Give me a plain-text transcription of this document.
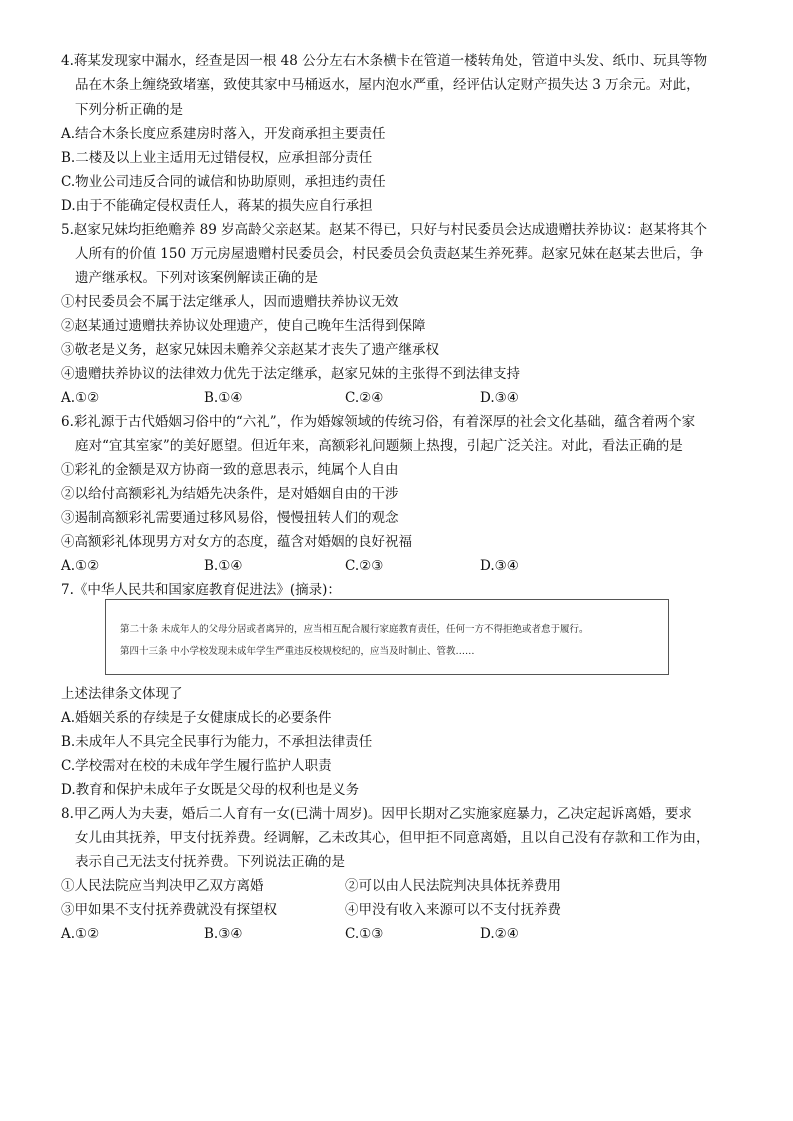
4.蒋某发现家中漏水，经查是因一根 48 公分左右木条横卡在管道一楼转角处，管道中头发、纸巾、玩具等物
品在木条上缠绕致堵塞，致使其家中马桶返水，屋内泡水严重，经评估认定财产损失达 3 万余元。对此，
下列分析正确的是
A.结合木条长度应系建房时落入，开发商承担主要责任
B.二楼及以上业主适用无过错侵权，应承担部分责任
C.物业公司违反合同的诚信和协助原则，承担违约责任
D.由于不能确定侵权责任人，蒋某的损失应自行承担
5.赵家兄妹均拒绝赡养 89 岁高龄父亲赵某。赵某不得已，只好与村民委员会达成遗赠扶养协议：赵某将其个
人所有的价值 150 万元房屋遗赠村民委员会，村民委员会负责赵某生养死葬。赵家兄妹在赵某去世后，争
遗产继承权。下列对该案例解读正确的是
①村民委员会不属于法定继承人，因而遗赠扶养协议无效
②赵某通过遗赠扶养协议处理遗产，使自己晚年生活得到保障
③敬老是义务，赵家兄妹因未赡养父亲赵某才丧失了遗产继承权
④遗赠扶养协议的法律效力优先于法定继承，赵家兄妹的主张得不到法律支持
A.①②	B.①④	C.②④	D.③④
6.彩礼源于古代婚姻习俗中的“六礼”，作为婚嫁领域的传统习俗，有着深厚的社会文化基础，蕴含着两个家
庭对“宜其室家”的美好愿望。但近年来，高额彩礼问题频上热搜，引起广泛关注。对此，看法正确的是
①彩礼的金额是双方协商一致的意思表示，纯属个人自由
②以给付高额彩礼为结婚先决条件，是对婚姻自由的干涉
③遏制高额彩礼需要通过移风易俗，慢慢扭转人们的观念
④高额彩礼体现男方对女方的态度，蕴含对婚姻的良好祝福
A.①②	B.①④	C.②③	D.③④
7.《中华人民共和国家庭教育促进法》(摘录)：
第二十条 未成年人的父母分居或者离异的，应当相互配合履行家庭教育责任，任何一方不得拒绝或者怠于履行。
第四十三条 中小学校发现未成年学生严重违反校规校纪的，应当及时制止、管教……
上述法律条文体现了
A.婚姻关系的存续是子女健康成长的必要条件
B.未成年人不具完全民事行为能力，不承担法律责任
C.学校需对在校的未成年学生履行监护人职责
D.教育和保护未成年子女既是父母的权利也是义务
8.甲乙两人为夫妻，婚后二人育有一女(已满十周岁)。因甲长期对乙实施家庭暴力，乙决定起诉离婚，要求
女儿由其抚养，甲支付抚养费。经调解，乙未改其心，但甲拒不同意离婚，且以自己没有存款和工作为由，
表示自己无法支付抚养费。下列说法正确的是
①人民法院应当判决甲乙双方离婚	②可以由人民法院判决具体抚养费用
③甲如果不支付抚养费就没有探望权	④甲没有收入来源可以不支付抚养费
A.①②	B.③④	C.①③	D.②④
